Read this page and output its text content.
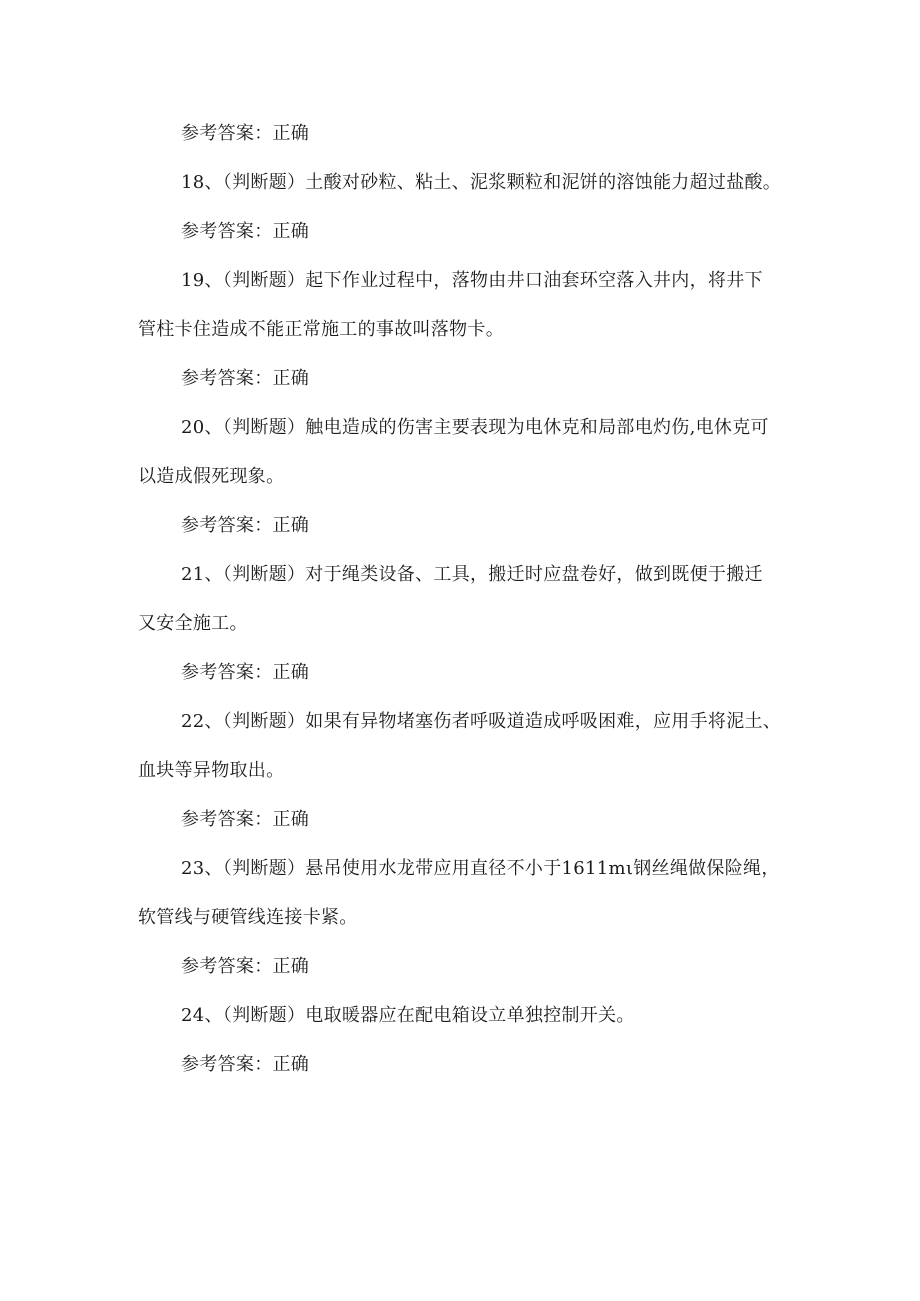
参考答案：正确
18、（判断题）土酸对砂粒、粘土、泥浆颗粒和泥饼的溶蚀能力超过盐酸。
参考答案：正确
19、（判断题）起下作业过程中，落物由井口油套环空落入井内，将井下
管柱卡住造成不能正常施工的事故叫落物卡。
参考答案：正确
20、（判断题）触电造成的伤害主要表现为电休克和局部电灼伤,电休克可
以造成假死现象。
参考答案：正确
21、（判断题）对于绳类设备、工具，搬迁时应盘卷好，做到既便于搬迁
又安全施工。
参考答案：正确
22、（判断题）如果有异物堵塞伤者呼吸道造成呼吸困难，应用手将泥土、
血块等异物取出。
参考答案：正确
23、（判断题）悬吊使用水龙带应用直径不小于1611mι钢丝绳做保险绳，
软管线与硬管线连接卡紧。
参考答案：正确
24、（判断题）电取暖器应在配电箱设立单独控制开关。
参考答案：正确
